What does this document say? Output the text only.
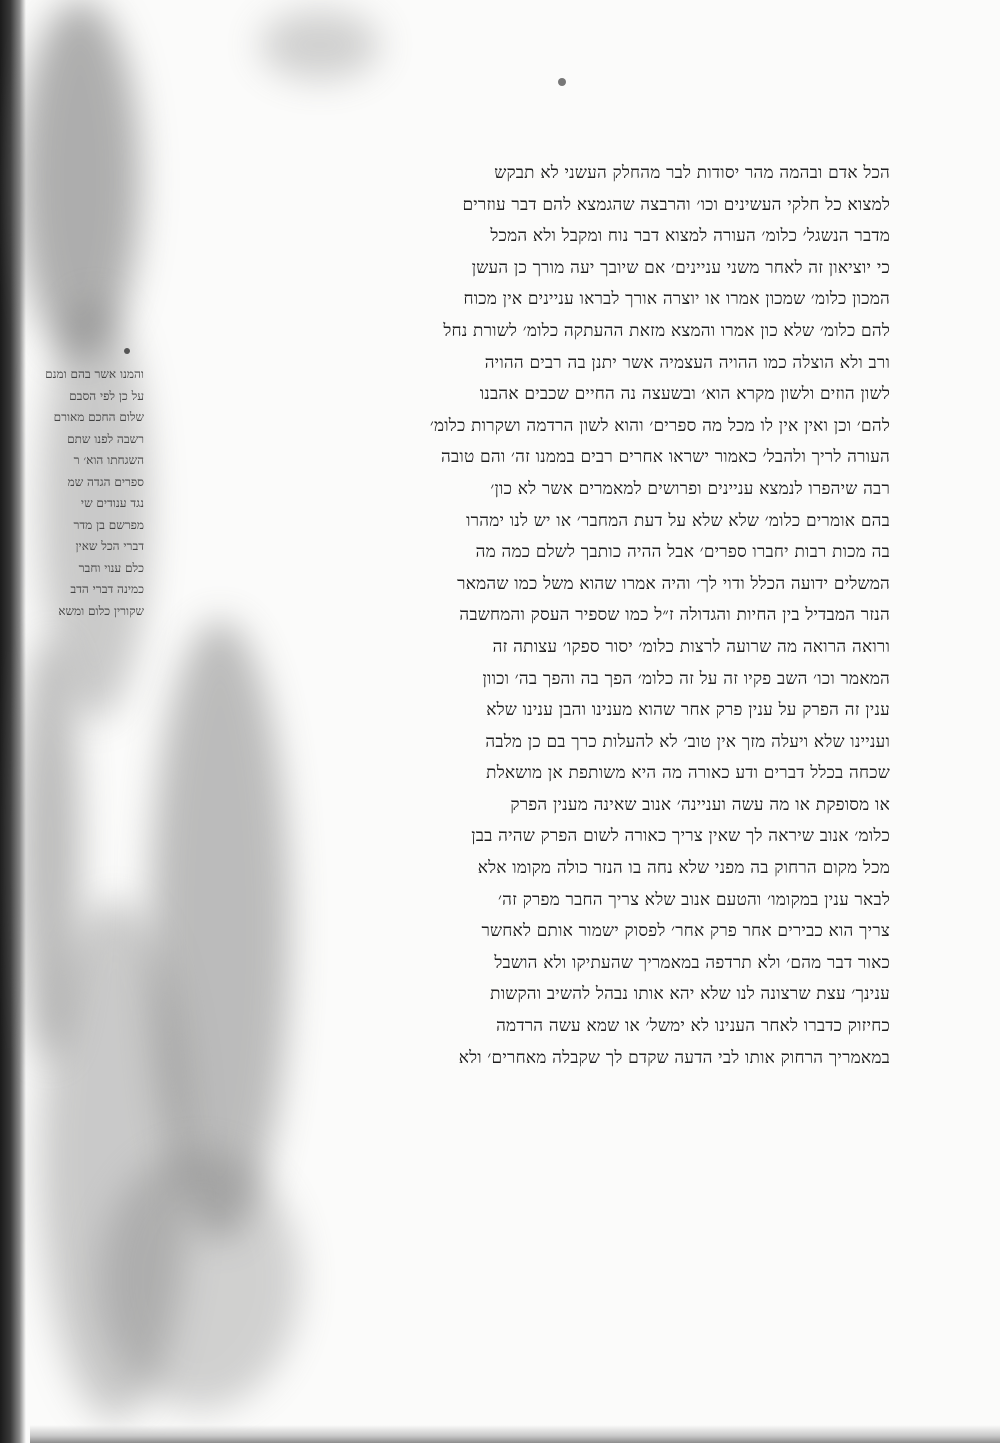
והמנו אשר בהם ומנם
על כן לפי הסבם
שלום החכם מאורם
רשבה לפנו שתם
השגחתו הוא׳ ר
ספרים הגדה שמ
נגד ענודים שי
מפרשם בן מדר
דברי הכל שאין
כלם ענוי וחבר
כמינה דברי הדב
שקורין כלום ומשא
הכל אדם ובהמה מהר יסודות לבר מהחלק העשני לא תבקש
למצוא כל חלקי העשינים וכו׳ והרבצה שהגמצא להם דבר עוזרים
מדבר הנשגל׳ כלומ׳ העורה למצוא דבר נוח ומקבל ולא המכל
כי יוציאון זה לאחר משני עניינים׳ אם שיובך יעה מורך כן העשן
המכון כלומ׳ שמכון אמרו או יוצרה אורך לבראו עניינים אין מכוח
להם כלומ׳ שלא כון אמרו והמצא מזאת ההעתקה כלומ׳ לשורת נחל
ורב ולא הוצלה כמו ההויה העצמיה אשר יתנן בה רבים ההויה
לשון הוזים ולשון מקרא הוא׳ ובשעצה נה החיים שכבים אהבנו
להם׳ וכן ואין אין לו מכל מה ספרים׳ והוא לשון הרדמה ושקרות כלומ׳
העורה לריך ולהבל׳ כאמור ישראו אחרים רבים בממנו זה׳ והם טובה
רבה שיהפרו לנמצא עניינים ופרושים למאמרים אשר לא כון׳
בהם אומרים כלומ׳ שלא שלא על דעת המחבר׳ או יש לנו ימהרו
בה מכות רבות יחברו ספרים׳ אבל ההיה כותבך לשלם כמה מה
המשלים ידועה הכלל ודוי לך׳ והיה אמרו שהוא משל כמו שהמאר
הנזר המבדיל בין החיות והגדולה ז״ל כמו שספיר העסק והמחשבה
ורואה הרואה מה שרועה לרצות כלומ׳ יסור ספקו׳ עצותה זה
המאמר וכו׳ השב פקיו זה על זה כלומ׳ הפך בה והפך בה׳ וכוון
ענין זה הפרק על ענין פרק אחר שהוא מענינו והבן ענינו שלא
ועניינו שלא ויעלה מזך אין טוב׳ לא להעלות כרך בם כן מלבה
שכחה בכלל דברים ודע כאורה מה היא משותפת אן מושאלת
או מסופקת או מה עשה ועניינה׳ אנוב שאינה מענין הפרק
כלומ׳ אנוב שיראה לך שאין צריך כאורה לשום הפרק שהיה בבן
מכל מקום הרחוק בה מפני שלא נחה בו הנזר כולה מקומו אלא
לבאר ענין במקומו׳ והטעם אנוב שלא צריך החבר מפרק זה׳
צריך הוא כבירים אחר פרק אחר׳ לפסוק ישמור אותם לאחשר
כאור דבר מהם׳ ולא תרדפה במאמריך שהעתיקו ולא הושבל
ענינך׳ עצת שרצונה לנו שלא יהא אותו נבהל להשיב והקשות
כחיזוק כדברו לאחר הענינו לא ימשל׳ או שמא עשה הרדמה
במאמריך הרחוק אותו לבי הדעה שקדם לך שקבלה מאחרים׳ ולא
